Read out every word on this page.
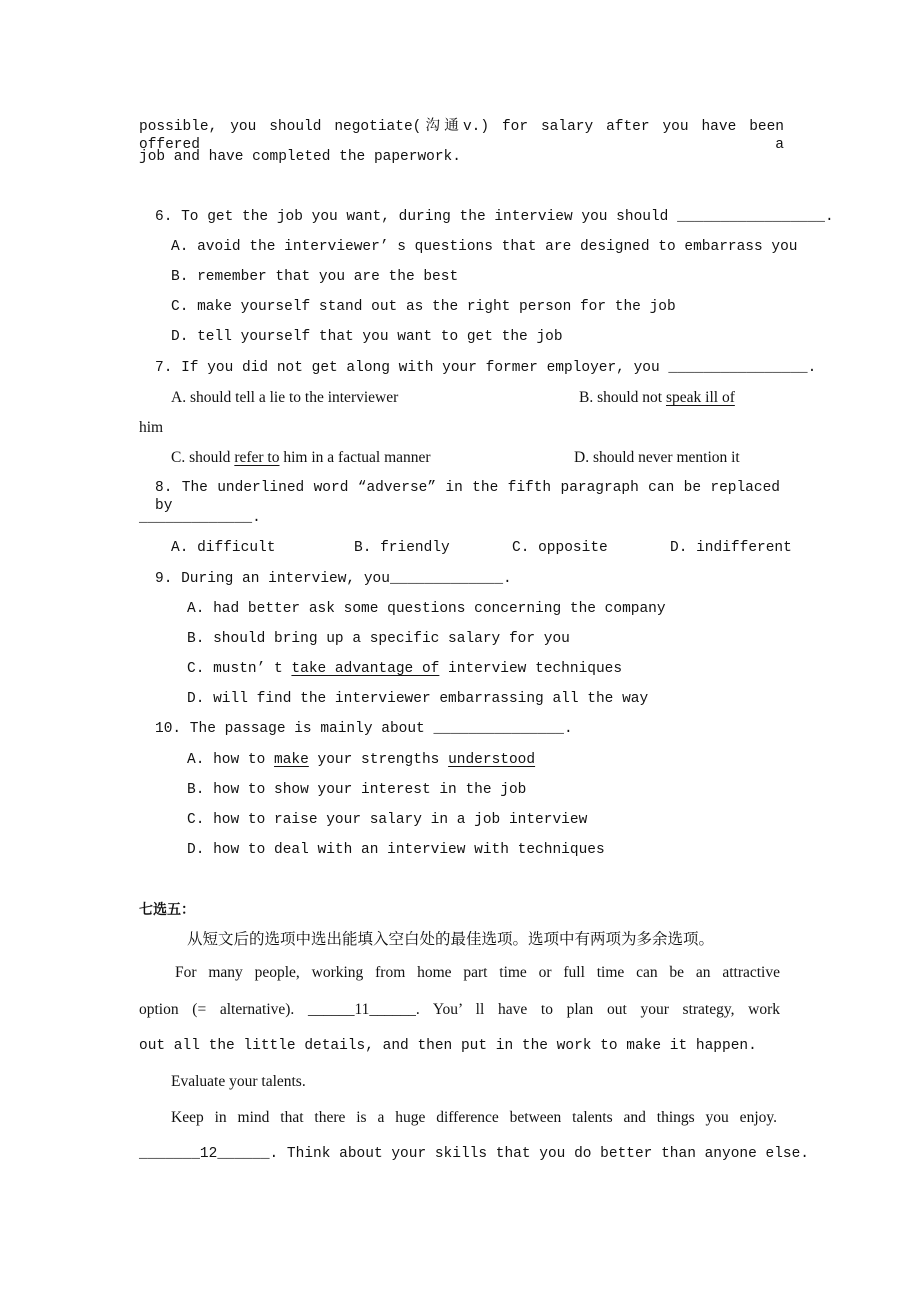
possible, you should negotiate(沟通v.) for salary after you have been offered a
job and have completed the paperwork.
6. To get the job you want, during the interview you should _________________.
A. avoid the interviewer’ s questions that are designed to embarrass you
B. remember that you are the best
C. make yourself stand out as the right person for the job
D. tell yourself that you want to get the job
7. If you did not get along with your former employer, you ________________.
A. should tell a lie to the interviewer	B. should not speak ill of
him
C. should refer to him in a factual manner	D. should never mention it
8. The underlined word “adverse” in the fifth paragraph can be replaced by
_____________.
A. difficult	B. friendly	C. opposite	D. indifferent
9. During an interview, you_____________.
A. had better ask some questions concerning the company
B. should bring up a specific salary for you
C. mustn’ t take advantage of interview techniques
D. will find the interviewer embarrassing all the way
10. The passage is mainly about _______________.
A. how to make your strengths understood
B. how to show your interest in the job
C. how to raise your salary in a job interview
D. how to deal with an interview with techniques
七选五：
从短文后的选项中选出能填入空白处的最佳选项。选项中有两项为多余选项。
For many people, working from home part time or full time can be an attractive
option (= alternative). ______11______. You’ ll have to plan out your strategy, work
out all the little details, and then put in the work to make it happen.
Evaluate your talents.
Keep in mind that there is a huge difference between talents and things you enjoy.
_______12______. Think about your skills that you do better than anyone else.
